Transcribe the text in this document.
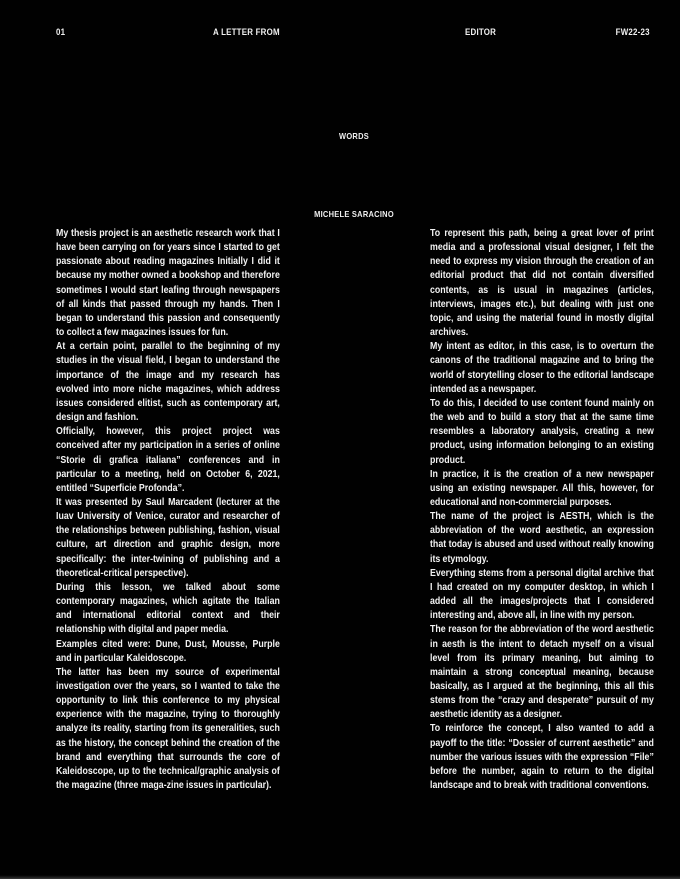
01	A LETTER FROM	EDITOR	FW22-23
WORDS
MICHELE SARACINO

My thesis project is an aesthetic research work that I have been carrying on for years since I started to get passionate about reading magazines Initially I did it because my mother owned a bookshop and therefore sometimes I would start leafing through newspapers of all kinds that passed through my hands. Then I began to understand this passion and consequently to collect a few magazines issues for fun.

At a certain point, parallel to the beginning of my studies in the visual field, I began to understand the importance of the image and my research has evolved into more niche magazines, which address issues considered elitist, such as contemporary art, design and fashion.

Officially, however, this project project was conceived after my participation in a series of online “Storie di grafica italiana” conferences and in particular to a meeting, held on October 6, 2021, entitled “Superficie Profonda”.

It was presented by Saul Marcadent (lecturer at the Iuav University of Venice, curator and researcher of the relationships between publishing, fashion, visual culture, art direction and graphic design, more specifically: the inter-twining of publishing and a theoretical-critical perspective).

During this lesson, we talked about some contemporary magazines, which agitate the Italian and international editorial context and their relationship with digital and paper media.

Examples cited were: Dune, Dust, Mousse, Purple and in particular Kaleidoscope.

The latter has been my source of experimental investigation over the years, so I wanted to take the opportunity to link this conference to my physical experience with the magazine, trying to thoroughly analyze its reality, starting from its generalities, such as the history, the concept behind the creation of the brand and everything that surrounds the core of Kaleidoscope, up to the technical/graphic analysis of the magazine (three maga-zine issues in particular).

To represent this path, being a great lover of print media and a professional visual designer, I felt the need to express my vision through the creation of an editorial product that did not contain diversified contents, as is usual in magazines (articles, interviews, images etc.), but dealing with just one topic, and using the material found in mostly digital archives.

My intent as editor, in this case, is to overturn the canons of the traditional magazine and to bring the world of storytelling closer to the editorial landscape intended as a newspaper.

To do this, I decided to use content found mainly on the web and to build a story that at the same time resembles a laboratory analysis, creating a new product, using information belonging to an existing product.

In practice, it is the creation of a new newspaper using an existing newspaper. All this, however, for educational and non-commercial purposes.

The name of the project is AESTH, which is the abbreviation of the word aesthetic, an expression that today is abused and used without really knowing its etymology.

Everything stems from a personal digital archive that I had created on my computer desktop, in which I added all the images/projects that I considered interesting and, above all, in line with my person.

The reason for the abbreviation of the word aesthetic in aesth is the intent to detach myself on a visual level from its primary meaning, but aiming to maintain a strong conceptual meaning, because basically, as I argued at the beginning, this all this stems from the “crazy and desperate” pursuit of my aesthetic identity as a designer.

To reinforce the concept, I also wanted to add a payoff to the title: “Dossier of current aesthetic” and number the various issues with the expression “File” before the number, again to return to the digital landscape and to break with traditional conventions.
